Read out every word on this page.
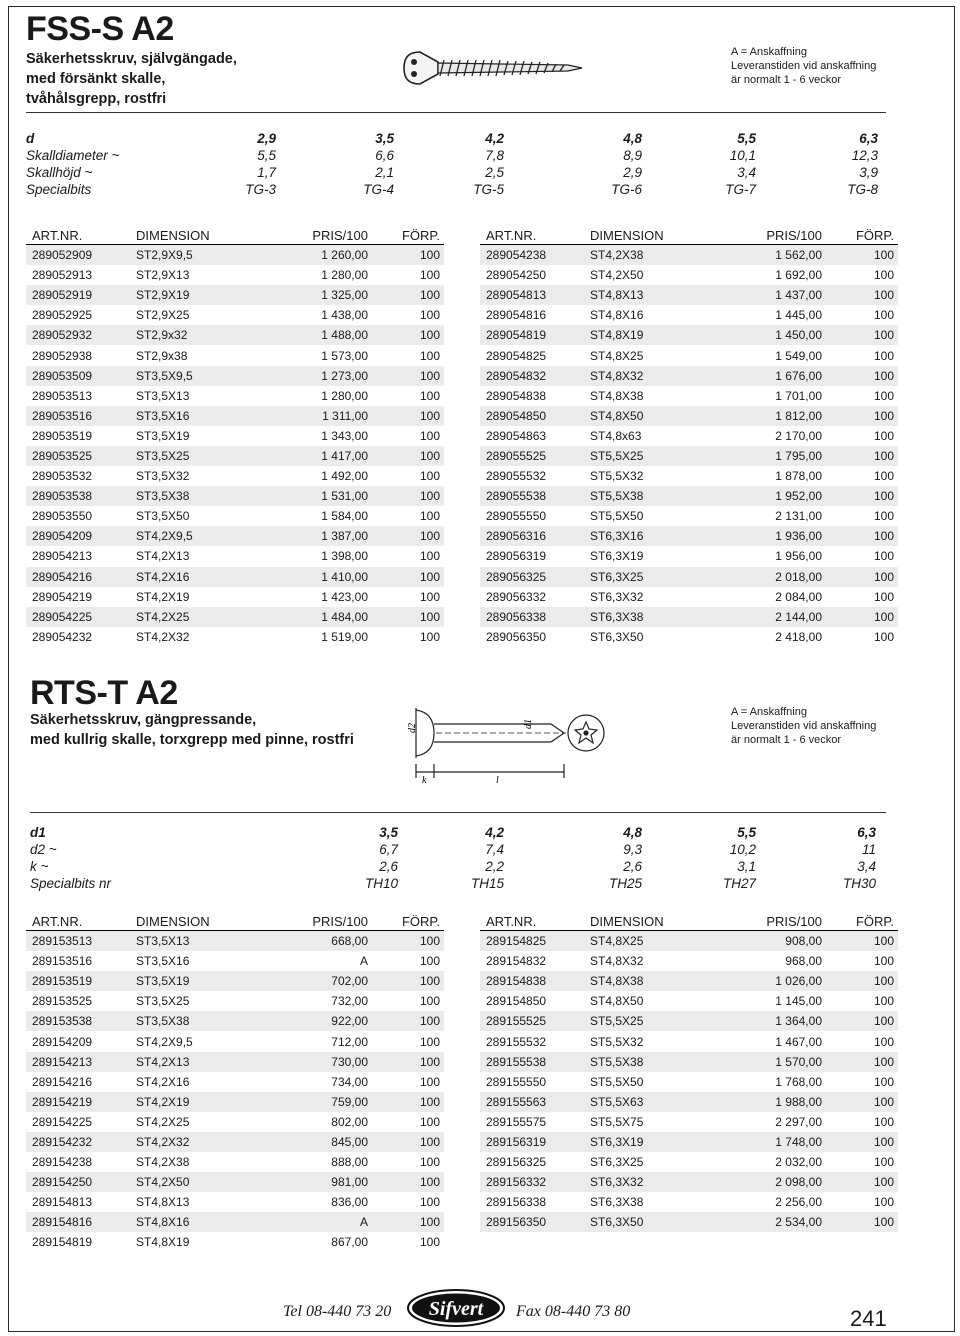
FSS-S A2
Säkerhetsskruv, självgängade,
med försänkt skalle,
tvåhålsgrepp, rostfri
A = Anskaffning
Leveranstiden vid anskaffning
är normalt 1 - 6 veckor
d	2,9	3,5	4,2	4,8	5,5	6,3
Skalldiameter ~	5,5	6,6	7,8	8,9	10,1	12,3
Skallhöjd ~	1,7	2,1	2,5	2,9	3,4	3,9
Specialbits	TG-3	TG-4	TG-5	TG-6	TG-7	TG-8
ART.NR.	DIMENSION	PRIS/100	FÖRP.
289052909	ST2,9X9,5	1 260,00	100
289052913	ST2,9X13	1 280,00	100
289052919	ST2,9X19	1 325,00	100
289052925	ST2,9X25	1 438,00	100
289052932	ST2,9x32	1 488,00	100
289052938	ST2,9x38	1 573,00	100
289053509	ST3,5X9,5	1 273,00	100
289053513	ST3,5X13	1 280,00	100
289053516	ST3,5X16	1 311,00	100
289053519	ST3,5X19	1 343,00	100
289053525	ST3,5X25	1 417,00	100
289053532	ST3,5X32	1 492,00	100
289053538	ST3,5X38	1 531,00	100
289053550	ST3,5X50	1 584,00	100
289054209	ST4,2X9,5	1 387,00	100
289054213	ST4,2X13	1 398,00	100
289054216	ST4,2X16	1 410,00	100
289054219	ST4,2X19	1 423,00	100
289054225	ST4,2X25	1 484,00	100
289054232	ST4,2X32	1 519,00	100
ART.NR.	DIMENSION	PRIS/100	FÖRP.
289054238	ST4,2X38	1 562,00	100
289054250	ST4,2X50	1 692,00	100
289054813	ST4,8X13	1 437,00	100
289054816	ST4,8X16	1 445,00	100
289054819	ST4,8X19	1 450,00	100
289054825	ST4,8X25	1 549,00	100
289054832	ST4,8X32	1 676,00	100
289054838	ST4,8X38	1 701,00	100
289054850	ST4,8X50	1 812,00	100
289054863	ST4,8x63	2 170,00	100
289055525	ST5,5X25	1 795,00	100
289055532	ST5,5X32	1 878,00	100
289055538	ST5,5X38	1 952,00	100
289055550	ST5,5X50	2 131,00	100
289056316	ST6,3X16	1 936,00	100
289056319	ST6,3X19	1 956,00	100
289056325	ST6,3X25	2 018,00	100
289056332	ST6,3X32	2 084,00	100
289056338	ST6,3X38	2 144,00	100
289056350	ST6,3X50	2 418,00	100
RTS-T A2
Säkerhetsskruv, gängpressande,
med kullrig skalle, torxgrepp med pinne, rostfri
d2	d1
k	l
A = Anskaffning
Leveranstiden vid anskaffning
är normalt 1 - 6 veckor
d1	3,5	4,2	4,8	5,5	6,3
d2 ~	6,7	7,4	9,3	10,2	11
k ~	2,6	2,2	2,6	3,1	3,4
Specialbits nr	TH10	TH15	TH25	TH27	TH30
ART.NR.	DIMENSION	PRIS/100	FÖRP.
289153513	ST3,5X13	668,00	100
289153516	ST3,5X16	A	100
289153519	ST3,5X19	702,00	100
289153525	ST3,5X25	732,00	100
289153538	ST3,5X38	922,00	100
289154209	ST4,2X9,5	712,00	100
289154213	ST4,2X13	730,00	100
289154216	ST4,2X16	734,00	100
289154219	ST4,2X19	759,00	100
289154225	ST4,2X25	802,00	100
289154232	ST4,2X32	845,00	100
289154238	ST4,2X38	888,00	100
289154250	ST4,2X50	981,00	100
289154813	ST4,8X13	836,00	100
289154816	ST4,8X16	A	100
289154819	ST4,8X19	867,00	100
ART.NR.	DIMENSION	PRIS/100	FÖRP.
289154825	ST4,8X25	908,00	100
289154832	ST4,8X32	968,00	100
289154838	ST4,8X38	1 026,00	100
289154850	ST4,8X50	1 145,00	100
289155525	ST5,5X25	1 364,00	100
289155532	ST5,5X32	1 467,00	100
289155538	ST5,5X38	1 570,00	100
289155550	ST5,5X50	1 768,00	100
289155563	ST5,5X63	1 988,00	100
289155575	ST5,5X75	2 297,00	100
289156319	ST6,3X19	1 748,00	100
289156325	ST6,3X25	2 032,00	100
289156332	ST6,3X32	2 098,00	100
289156338	ST6,3X38	2 256,00	100
289156350	ST6,3X50	2 534,00	100

Tel 08-440 73 20 Sifvert Fax 08-440 73 80	241
